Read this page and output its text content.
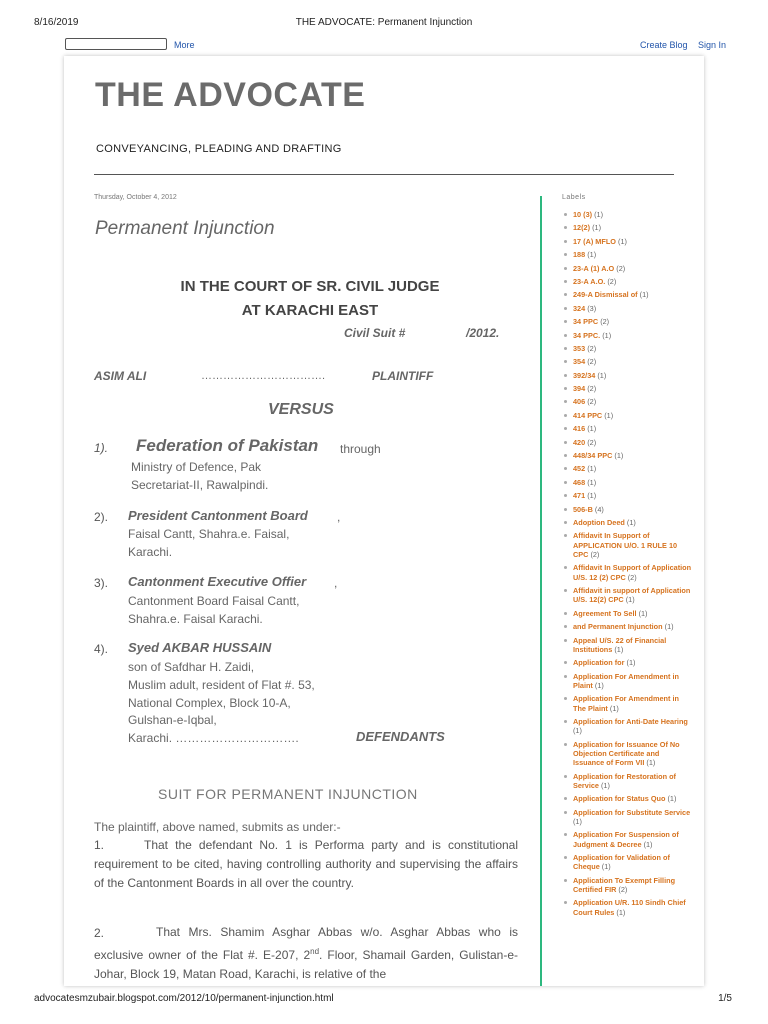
8/16/2019	THE ADVOCATE: Permanent Injunction
More	Create Blog Sign In
THE ADVOCATE
CONVEYANCING, PLEADING AND DRAFTING
Thursday, October 4, 2012
Permanent Injunction
IN THE COURT OF SR. CIVIL JUDGE
AT KARACHI EAST
Civil Suit #	/2012.
ASIM ALI	…………………………….	PLAINTIFF
VERSUS
1). Federation of Pakistan through
Ministry of Defence, Pak
Secretariat-II, Rawalpindi.
2). President Cantonment Board ,
Faisal Cantt, Shahra.e. Faisal,
Karachi.
3). Cantonment Executive Offier ,
Cantonment Board Faisal Cantt,
Shahra.e. Faisal Karachi.
4). Syed AKBAR HUSSAIN
son of Safdhar H. Zaidi,
Muslim adult, resident of Flat #. 53,
National Complex, Block 10-A,
Gulshan-e-Iqbal,
Karachi. ………………………….	DEFENDANTS
SUIT FOR PERMANENT INJUNCTION
The plaintiff, above named, submits as under:-
1.	That the defendant No. 1 is Performa party and is constitutional requirement to be cited, having controlling authority and supervising the affairs of the Cantonment Boards in all over the country.
2.	That Mrs. Shamim Asghar Abbas w/o. Asghar Abbas who is exclusive owner of the Flat #. E-207, 2nd. Floor, Shamail Garden, Gulistan-e-Johar, Block 19, Matan Road, Karachi, is relative of the
Labels
10 (3) (1)
12(2) (1)
17 (A) MFLO (1)
188 (1)
23-A (1) A.O (2)
23-A A.O. (2)
249-A Dismissal of (1)
324 (3)
34 PPC (2)
34 PPC. (1)
353 (2)
354 (2)
392/34 (1)
394 (2)
406 (2)
414 PPC (1)
416 (1)
420 (2)
448/34 PPC (1)
452 (1)
468 (1)
471 (1)
506-B (4)
Adoption Deed (1)
Affidavit In Support of APPLICATION U/O. 1 RULE 10 CPC (2)
Affidavit In Support of Application U/S. 12 (2) CPC (2)
Affidavit in support of Application U/S. 12(2) CPC (1)
Agreement To Sell (1)
and Permanent Injunction (1)
Appeal U/S. 22 of Financial Institutions (1)
Application for (1)
Application For Amendment in Plaint (1)
Application For Amendment in The Plaint (1)
Application for Anti-Date Hearing (1)
Application for Issuance Of No Objection Certificate and Issuance of Form VII (1)
Application for Restoration of Service (1)
Application for Status Quo (1)
Application for Substitute Service (1)
Application For Suspension of Judgment & Decree (1)
Application for Validation of Cheque (1)
Application To Exempt Filling Certified FIR (2)
Application U/R. 110 Sindh Chief Court Rules (1)
advocatesmzubair.blogspot.com/2012/10/permanent-injunction.html	1/5
